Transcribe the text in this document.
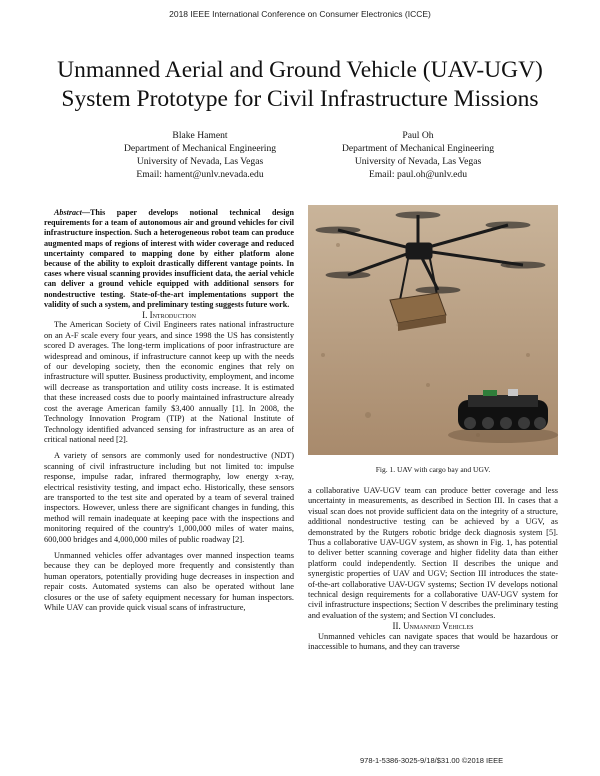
2018 IEEE International Conference on Consumer Electronics (ICCE)
Unmanned Aerial and Ground Vehicle (UAV-UGV)
System Prototype for Civil Infrastructure Missions
Blake Hament
Department of Mechanical Engineering
University of Nevada, Las Vegas
Email: hament@unlv.nevada.edu
Paul Oh
Department of Mechanical Engineering
University of Nevada, Las Vegas
Email: paul.oh@unlv.edu

Abstract—This paper develops notional technical design requirements for a team of autonomous air and ground vehicles for civil infrastructure inspection. Such a heterogeneous robot team can produce augmented maps of regions of interest with wider coverage and reduced uncertainty compared to mapping done by either platform alone because of the ability to exploit drastically different vantage points. In cases where visual scanning provides insufficient data, the aerial vehicle can deliver a ground vehicle equipped with additional sensors for nondestructive testing. State-of-the-art implementations support the validity of such a system, and preliminary testing suggests future work.

I. Introduction

The American Society of Civil Engineers rates national infrastructure on an A-F scale every four years, and since 1998 the US has consistently scored D averages. The long-term implications of poor infrastructure are widespread and ominous, if infrastructure cannot keep up with the needs of our developing society, then the economic engines that rely on infrastructure will sputter. Business productivity, employment, and income will decrease as transportation and utility costs increase. It is estimated that these increased costs due to poorly maintained infrastructure already cost the average American family $3,400 annually [1]. In 2008, the Technology Innovation Program (TIP) at the National Institute of Technology identified advanced sensing for infrastructure as an area of critical national need [2].

A variety of sensors are commonly used for nondestructive (NDT) scanning of civil infrastructure including but not limited to: impulse response, impulse radar, infrared thermography, low energy x-ray, electrical resistivity testing, and impact echo. Historically, these sensors are transported to the test site and operated by a team of several trained inspectors. However, unless there are significant changes in funding, this method will remain inadequate at keeping pace with the inspections and monitoring required of the country's 1,000,000 miles of water mains, 600,000 bridges and 4,000,000 miles of public roadway [2].

Unmanned vehicles offer advantages over manned inspection teams because they can be deployed more frequently and consistently than human operators, potentially providing huge decreases in inspection and repair costs. Automated systems can also be operated without lane closures or the use of safety equipment necessary for human inspectors. While UAV can provide quick visual scans of infrastructure,

Fig. 1. UAV with cargo bay and UGV.

a collaborative UAV-UGV team can produce better coverage and less uncertainty in measurements, as described in Section III. In cases that a visual scan does not provide sufficient data on the integrity of a structure, additional nondestructive testing can be achieved by a UGV, as demonstrated by the Rutgers robotic bridge deck diagnosis system [5]. Thus a collaborative UAV-UGV system, as shown in Fig. 1, has potential to deliver better scanning coverage and higher fidelity data than either platform could independently. Section II describes the unique and synergistic properties of UAV and UGV; Section III introduces the state-of-the-art collaborative UAV-UGV systems; Section IV develops notional technical design requirements for a collaborative UAV-UGV system for civil infrastructure inspections; Section V describes the preliminary testing and evaluation of the system; and Section VI concludes.

II. Unmanned Vehicles

Unmanned vehicles can navigate spaces that would be hazardous or inaccessible to humans, and they can traverse

978-1-5386-3025-9/18/$31.00 ©2018 IEEE
